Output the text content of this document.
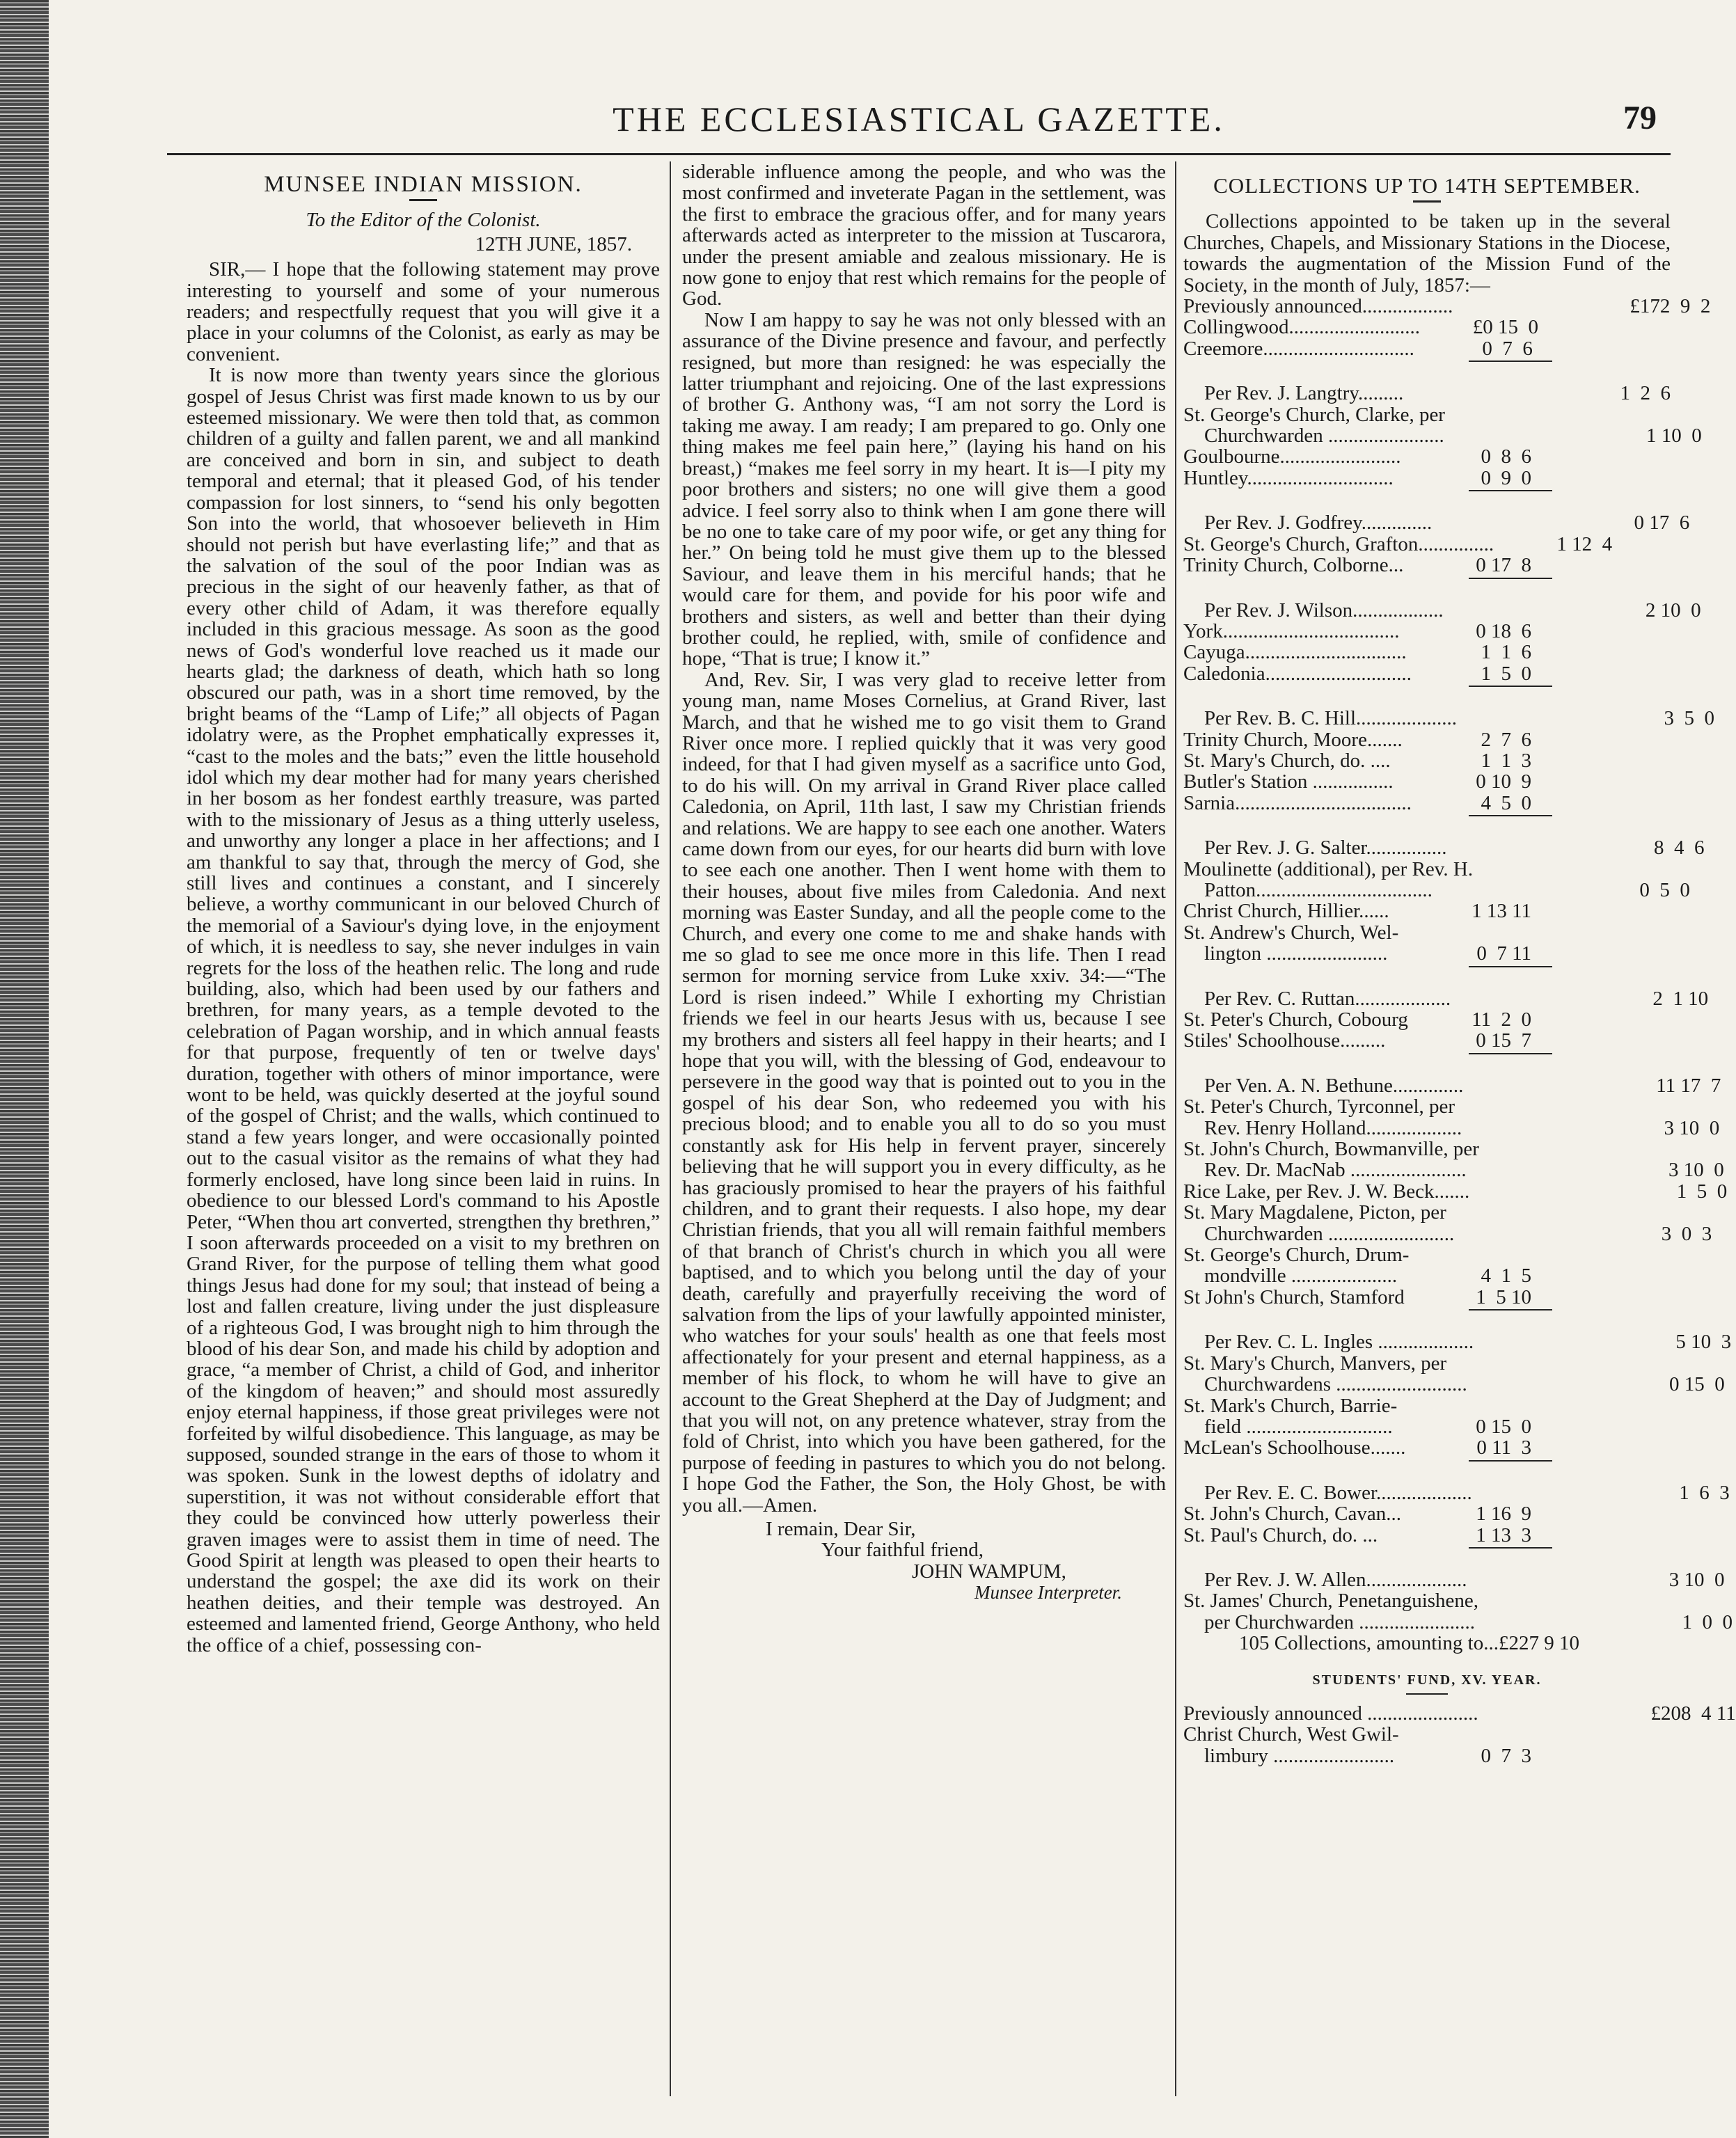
THE ECCLESIASTICAL GAZETTE.	79
MUNSEE INDIAN MISSION.
To the Editor of the Colonist.
12TH JUNE, 1857.

SIR,— I hope that the following statement may prove interesting to yourself and some of your numerous readers; and respectfully request that you will give it a place in your columns of the Colonist, as early as may be convenient.

It is now more than twenty years since the glorious gospel of Jesus Christ was first made known to us by our esteemed missionary. We were then told that, as common children of a guilty and fallen parent, we and all mankind are conceived and born in sin, and subject to death temporal and eternal; that it pleased God, of his tender compassion for lost sinners, to “send his only begotten Son into the world, that whosoever believeth in Him should not perish but have everlasting life;” and that as the salvation of the soul of the poor Indian was as precious in the sight of our heavenly father, as that of every other child of Adam, it was therefore equally included in this gracious message. As soon as the good news of God's wonderful love reached us it made our hearts glad; the darkness of death, which hath so long obscured our path, was in a short time removed, by the bright beams of the “Lamp of Life;” all objects of Pagan idolatry were, as the Prophet emphatically expresses it, “cast to the moles and the bats;” even the little household idol which my dear mother had for many years cherished in her bosom as her fondest earthly treasure, was parted with to the missionary of Jesus as a thing utterly useless, and unworthy any longer a place in her affections; and I am thankful to say that, through the mercy of God, she still lives and continues a constant, and I sincerely believe, a worthy communicant in our beloved Church of the memorial of a Saviour's dying love, in the enjoyment of which, it is needless to say, she never indulges in vain regrets for the loss of the heathen relic. The long and rude building, also, which had been used by our fathers and brethren, for many years, as a temple devoted to the celebration of Pagan worship, and in which annual feasts for that purpose, frequently of ten or twelve days' duration, together with others of minor importance, were wont to be held, was quickly deserted at the joyful sound of the gospel of Christ; and the walls, which continued to stand a few years longer, and were occasionally pointed out to the casual visitor as the remains of what they had formerly enclosed, have long since been laid in ruins. In obedience to our blessed Lord's command to his Apostle Peter, “When thou art converted, strengthen thy brethren,” I soon afterwards proceeded on a visit to my brethren on Grand River, for the purpose of telling them what good things Jesus had done for my soul; that instead of being a lost and fallen creature, living under the just displeasure of a righteous God, I was brought nigh to him through the blood of his dear Son, and made his child by adoption and grace, “a member of Christ, a child of God, and inheritor of the kingdom of heaven;” and should most assuredly enjoy eternal happiness, if those great privileges were not forfeited by wilful disobedience. This language, as may be supposed, sounded strange in the ears of those to whom it was spoken. Sunk in the lowest depths of idolatry and superstition, it was not without considerable effort that they could be convinced how utterly powerless their graven images were to assist them in time of need. The Good Spirit at length was pleased to open their hearts to understand the gospel; the axe did its work on their heathen deities, and their temple was destroyed. An esteemed and lamented friend, George Anthony, who held the office of a chief, possessing con-

siderable influence among the people, and who was the most confirmed and inveterate Pagan in the settlement, was the first to embrace the gracious offer, and for many years afterwards acted as interpreter to the mission at Tuscarora, under the present amiable and zealous missionary. He is now gone to enjoy that rest which remains for the people of God.

Now I am happy to say he was not only blessed with an assurance of the Divine presence and favour, and perfectly resigned, but more than resigned: he was especially the latter triumphant and rejoicing. One of the last expressions of brother G. Anthony was, “I am not sorry the Lord is taking me away. I am ready; I am prepared to go. Only one thing makes me feel pain here,” (laying his hand on his breast,) “makes me feel sorry in my heart. It is—I pity my poor brothers and sisters; no one will give them a good advice. I feel sorry also to think when I am gone there will be no one to take care of my poor wife, or get any thing for her.” On being told he must give them up to the blessed Saviour, and leave them in his merciful hands; that he would care for them, and povide for his poor wife and brothers and sisters, as well and better than their dying brother could, he replied, with, smile of confidence and hope, “That is true; I know it.”

And, Rev. Sir, I was very glad to receive letter from young man, name Moses Cornelius, at Grand River, last March, and that he wished me to go visit them to Grand River once more. I replied quickly that it was very good indeed, for that I had given myself as a sacrifice unto God, to do his will. On my arrival in Grand River place called Caledonia, on April, 11th last, I saw my Christian friends and relations. We are happy to see each one another. Waters came down from our eyes, for our hearts did burn with love to see each one another. Then I went home with them to their houses, about five miles from Caledonia. And next morning was Easter Sunday, and all the people come to the Church, and every one come to me and shake hands with me so glad to see me once more in this life. Then I read sermon for morning service from Luke xxiv. 34:—“The Lord is risen indeed.” While I exhorting my Christian friends we feel in our hearts Jesus with us, because I see my brothers and sisters all feel happy in their hearts; and I hope that you will, with the blessing of God, endeavour to persevere in the good way that is pointed out to you in the gospel of his dear Son, who redeemed you with his precious blood; and to enable you all to do so you must constantly ask for His help in fervent prayer, sincerely believing that he will support you in every difficulty, as he has graciously promised to hear the prayers of his faithful children, and to grant their requests. I also hope, my dear Christian friends, that you all will remain faithful members of that branch of Christ's church in which you all were baptised, and to which you belong until the day of your death, carefully and prayerfully receiving the word of salvation from the lips of your lawfully appointed minister, who watches for your souls' health as one that feels most affectionately for your present and eternal happiness, as a member of his flock, to whom he will have to give an account to the Great Shepherd at the Day of Judgment; and that you will not, on any pretence whatever, stray from the fold of Christ, into which you have been gathered, for the purpose of feeding in pastures to which you do not belong. I hope God the Father, the Son, the Holy Ghost, be with you all.—Amen.

I remain, Dear Sir,

Your faithful friend,

JOHN WAMPUM,

Munsee Interpreter.

COLLECTIONS UP TO 14TH SEPTEMBER.

Collections appointed to be taken up in the several Churches, Chapels, and Missionary Stations in the Diocese, towards the augmentation of the Mission Fund of the Society, in the month of July, 1857:—

Previously announced..................	£172  9  2
Collingwood..........................	£0 15  0
Creemore..............................	0  7  6
Per Rev. J. Langtry.........	1  2  6
St. George's Church, Clarke, per
Churchwarden .......................	1 10  0
Goulbourne........................	0  8  6
Huntley.............................	0  9  0
Per Rev. J. Godfrey..............	0 17  6
St. George's Church, Grafton...............	1 12  4
Trinity Church, Colborne...	0 17  8
Per Rev. J. Wilson..................	2 10  0
York...................................	0 18  6
Cayuga................................	1  1  6
Caledonia.............................	1  5  0
Per Rev. B. C. Hill....................	3  5  0
Trinity Church, Moore.......	2  7  6
St. Mary's Church, do. ....	1  1  3
Butler's Station ................	0 10  9
Sarnia...................................	4  5  0
Per Rev. J. G. Salter................	8  4  6
Moulinette (additional), per Rev. H.
Patton...................................	0  5  0
Christ Church, Hillier......	1 13 11
St. Andrew's Church, Wel-
lington ........................	0  7 11
Per Rev. C. Ruttan...................	2  1 10
St. Peter's Church, Cobourg	11  2  0
Stiles' Schoolhouse.........	0 15  7
Per Ven. A. N. Bethune..............	11 17  7
St. Peter's Church, Tyrconnel, per
Rev. Henry Holland...................	3 10  0
St. John's Church, Bowmanville, per
Rev. Dr. MacNab .......................	3 10  0
Rice Lake, per Rev. J. W. Beck.......	1  5  0
St. Mary Magdalene, Picton, per
Churchwarden .........................	3  0  3
St. George's Church, Drum-
mondville .....................	4  1  5
St John's Church, Stamford	1  5 10
Per Rev. C. L. Ingles ...................	5 10  3
St. Mary's Church, Manvers, per
Churchwardens ..........................	0 15  0
St. Mark's Church, Barrie-
field .............................	0 15  0
McLean's Schoolhouse.......	0 11  3
Per Rev. E. C. Bower...................	1  6  3
St. John's Church, Cavan...	1 16  9
St. Paul's Church, do. ...	1 13  3
Per Rev. J. W. Allen....................	3 10  0
St. James' Church, Penetanguishene,
per Churchwarden .......................	1  0  0
105 Collections, amounting to...£227 9 10
STUDENTS' FUND, XV. YEAR.
Previously announced ......................	£208  4 11
Christ Church, West Gwil-
limbury ........................	0  7  3
